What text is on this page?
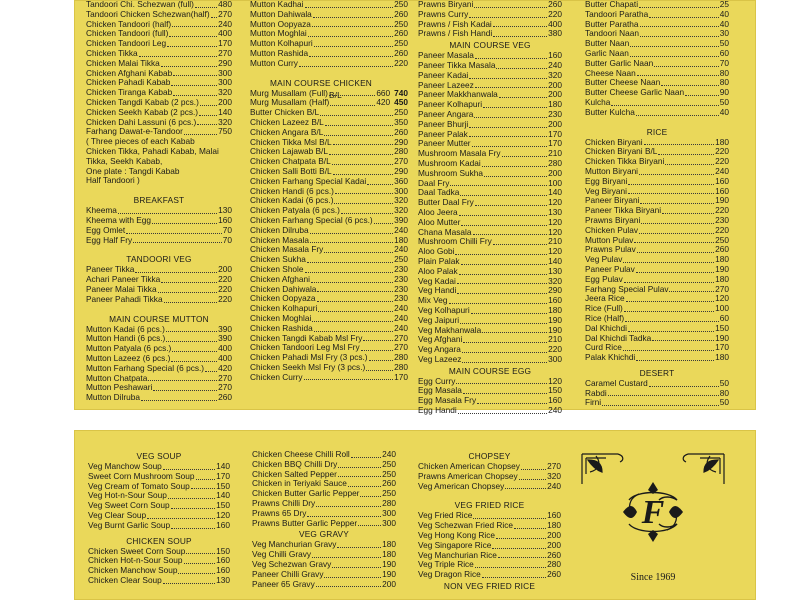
Tandoori Chi. Schezwan (full)	480
Tandoori Chicken Schezwan(half) 270
Chicken Tandoori (half)	240
Chicken Tandoori (full)	400
Chicken Tandoori Leg	170
Chicken Tikka	270
Chicken Malai Tikka	290
Chicken Afghani Kabab	300
Chicken Pahadi Kabab	300
Chicken Tiranga Kabab	320
Chicken Tangdi Kabab (2 pcs.) 200
Chicken Seekh Kabab (2 pcs.) 140
Chicken Dahi Lassuni (6 pcs.)	320
Farhang Dawat-e-Tandoor	750
( Three pieces of each Kabab
Chicken Tikka, Pahadi Kabab, Malai
Tikka, Seekh Kabab,
One plate : Tangdi Kabab
Half Tandoori )
BREAKFAST
Kheema	130
Kheema with Egg	160
Egg Omlet	70
Egg Half Fry	70
TANDOORI VEG
Paneer Tikka	200
Achari Paneer Tikka	220
Paneer Malai Tikka	220
Paneer Pahadi Tikka	220
MAIN COURSE MUTTON
Mutton Kadai (6 pcs.)	390
Mutton Handi (6 pcs.)	390
Mutton Patyala (6 pcs.)	400
Mutton Lazeez (6 pcs.)	400
Mutton Farhang Special (6 pcs.) 420
Mutton Chatpata	270
Mutton Peshawari	270
Mutton Dilruba	260
Mutton Kadhai	250
Mutton Dahiwala	260
Mutton Oopyaza	250
Mutton Moghlai	260
Mutton Kolhapuri	250
Mutton Rashida	260
Mutton Curry	220
MAIN COURSE CHICKENB/L
Murg Musallam (Full)	660 740
Murg Musallam (Half)	420 450
Butter Chicken B/L	250
Chicken Lazeez B/L	350
Chicken Angara B/L	260
Chicken Tikka Msl B/L	290
Chicken Lajawab B/L	280
Chicken Chatpata B/L	270
Chicken Salli Botti B/L	290
Chicken Farhang Special Kadai	360
Chicken Handi (6 pcs.)	300
Chicken Kadai (6 pcs.)	320
Chicken Patyala (6 pcs.)	320
Chicken Farhang Special (6 pcs.)	390
Chicken Dilruba	240
Chicken Masala	180
Chicken Masala Fry	240
Chicken Sukha	250
Chicken Shole	230
Chicken Afghani	230
Chicken Dahiwala	230
Chicken Oopyaza	230
Chicken Kolhapuri	240
Chicken Moghlai	240
Chicken Rashida	240
Chicken Tangdi Kabab Msl Fry	270
Chicken Tandoori Leg Msl Fry	270
Chicken Pahadi Msl Fry (3 pcs.)	280
Chicken Seekh Msl Fry (3 pcs.)	280
Chicken Curry	170
Prawns Biryani	260
Prawns Curry	220
Prawns / Fish Kadai	400
Prawns / Fish Handi	380
MAIN COURSE VEG
Paneer Masala	160
Paneer Tikka Masala	240
Paneer Kadai	320
Paneer Lazeez	200
Paneer Makkhanwala	200
Paneer Kolhapuri	180
Paneer Angara	230
Paneer Bhurji	200
Paneer Palak	170
Paneer Mutter	170
Mushroom Masala Fry	210
Mushroom Kadai	280
Mushroom Sukha	200
Daal Fry	100
Daal Tadka	140
Butter Daal Fry	120
Aloo Jeera	130
Aloo Mutter	120
Chana Masala	120
Mushroom Chilli Fry	210
Aloo Gobi	120
Plain Palak	140
Aloo Palak	130
Veg Kadai	320
Veg Handi	290
Mix Veg	160
Veg Kolhapuri	180
Veg Jaipuri	190
Veg Makhanwala	190
Veg Afghani	210
Veg Angara	220
Veg Lazeez	300
MAIN COURSE EGG
Egg Curry	120
Egg Masala	150
Egg Masala Fry	160
Egg Handi	240
Butter Chapati	25
Tandoori Paratha	40
Butter Paratha	40
Tandoori Naan	30
Butter Naan	50
Garlic Naan	60
Butter Garlic Naan	70
Cheese Naan	80
Butter Cheese Naan	80
Butter Cheese Garlic Naan	90
Kulcha	50
Butter Kulcha	40
RICE
Chicken Biryani	180
Chicken Biryani B/L	220
Chicken Tikka Biryani	220
Mutton Biryani	240
Egg Biryani	160
Veg Biryani	160
Paneer Biryani	190
Paneer Tikka Biryani	220
Prawns Biryani	230
Chicken Pulav	220
Mutton Pulav	250
Prawns Pulav	260
Veg Pulav	180
Paneer Pulav	190
Egg Pulav	180
Farhang Special Pulav	270
Jeera Rice	120
Rice (Full)	100
Rice (Half)	60
Dal Khichdi	150
Dal Khichdi Tadka	190
Curd Rice	170
Palak Khichdi	180
DESERT
Caramel Custard	50
Rabdi	80
Firni	50
VEG SOUP
Veg Manchow Soup	140
Sweet Corn Mushroom Soup	170
Veg Cream of Tomato Soup	150
Veg Hot-n-Sour Soup	140
Veg Sweet Corn Soup	150
Veg Clear Soup	120
Veg Burnt Garlic Soup	160
CHICKEN SOUP
Chicken Sweet Corn Soup	150
Chicken Hot-n-Sour Soup	160
Chicken Manchow Soup	160
Chicken Clear Soup	130
Chicken Cheese Chilli Roll	240
Chicken BBQ Chilli Dry	250
Chicken Salted Pepper	250
Chicken in Teriyaki Sauce	260
Chicken Butter Garlic Pepper	250
Prawns Chilli Dry	280
Prawns 65 Dry	300
Prawns Butter Garlic Pepper	300
VEG GRAVY
Veg Manchurian Gravy	180
Veg Chilli Gravy	180
Veg Schezwan Gravy	190
Paneer Chilli Gravy	190
Paneer 65 Gravy	200
CHOPSEY
Chicken American Chopsey	270
Prawns American Chopsey	320
Veg American Chopsey	240
VEG FRIED RICE
Veg Fried Rice	160
Veg Schezwan Fried Rice	180
Veg Hong Kong Rice	200
Veg Singapore Rice	200
Veg Manchurian Rice	260
Veg Triple Rice	280
Veg Dragon Rice	260
NON VEG FRIED RICE
F
Since 1969
